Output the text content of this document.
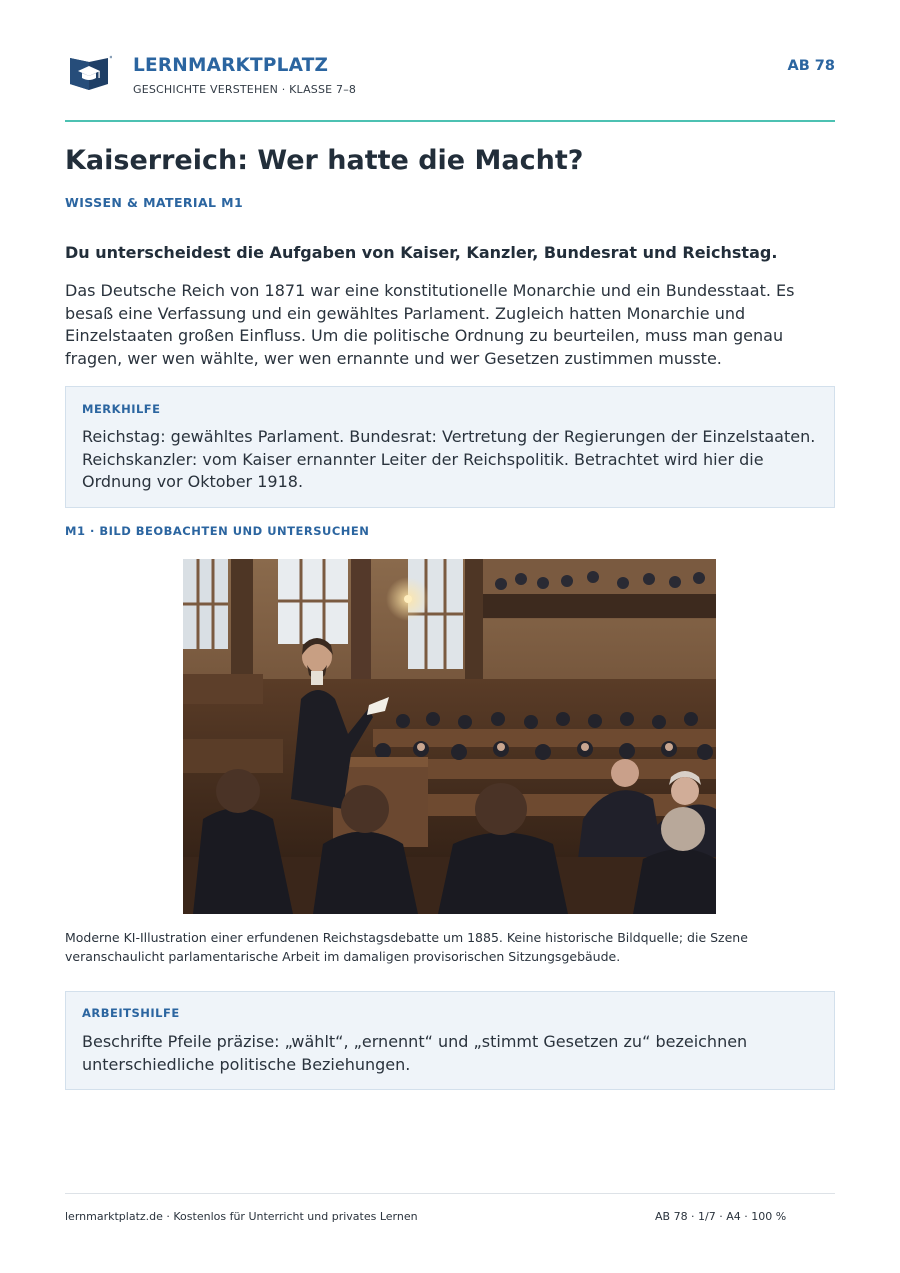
LERNMARKTPLATZ
GESCHICHTE VERSTEHEN · KLASSE 7–8
AB 78
Kaiserreich: Wer hatte die Macht?
WISSEN & MATERIAL M1
Du unterscheidest die Aufgaben von Kaiser, Kanzler, Bundesrat und Reichstag.

Das Deutsche Reich von 1871 war eine konstitutionelle Monarchie und ein Bundesstaat. Es besaß eine Verfassung und ein gewähltes Parlament. Zugleich hatten Monarchie und Einzelstaaten großen Einfluss. Um die politische Ordnung zu beurteilen, muss man genau fragen, wer wen wählte, wer wen ernannte und wer Gesetzen zustimmen musste.

MERKHILFE

Reichstag: gewähltes Parlament. Bundesrat: Vertretung der Regierungen der Einzelstaaten. Reichskanzler: vom Kaiser ernannter Leiter der Reichspolitik. Betrachtet wird hier die Ordnung vor Oktober 1918.

M1 · BILD BEOBACHTEN UND UNTERSUCHEN

Moderne KI-Illustration einer erfundenen Reichstagsdebatte um 1885. Keine historische Bildquelle; die Szene veranschaulicht parlamentarische Arbeit im damaligen provisorischen Sitzungsgebäude.

ARBEITSHILFE

Beschrifte Pfeile präzise: „wählt“, „ernennt“ und „stimmt Gesetzen zu“ bezeichnen unterschiedliche politische Beziehungen.

lernmarktplatz.de · Kostenlos für Unterricht und privates Lernen	AB 78 · 1/7 · A4 · 100 %
